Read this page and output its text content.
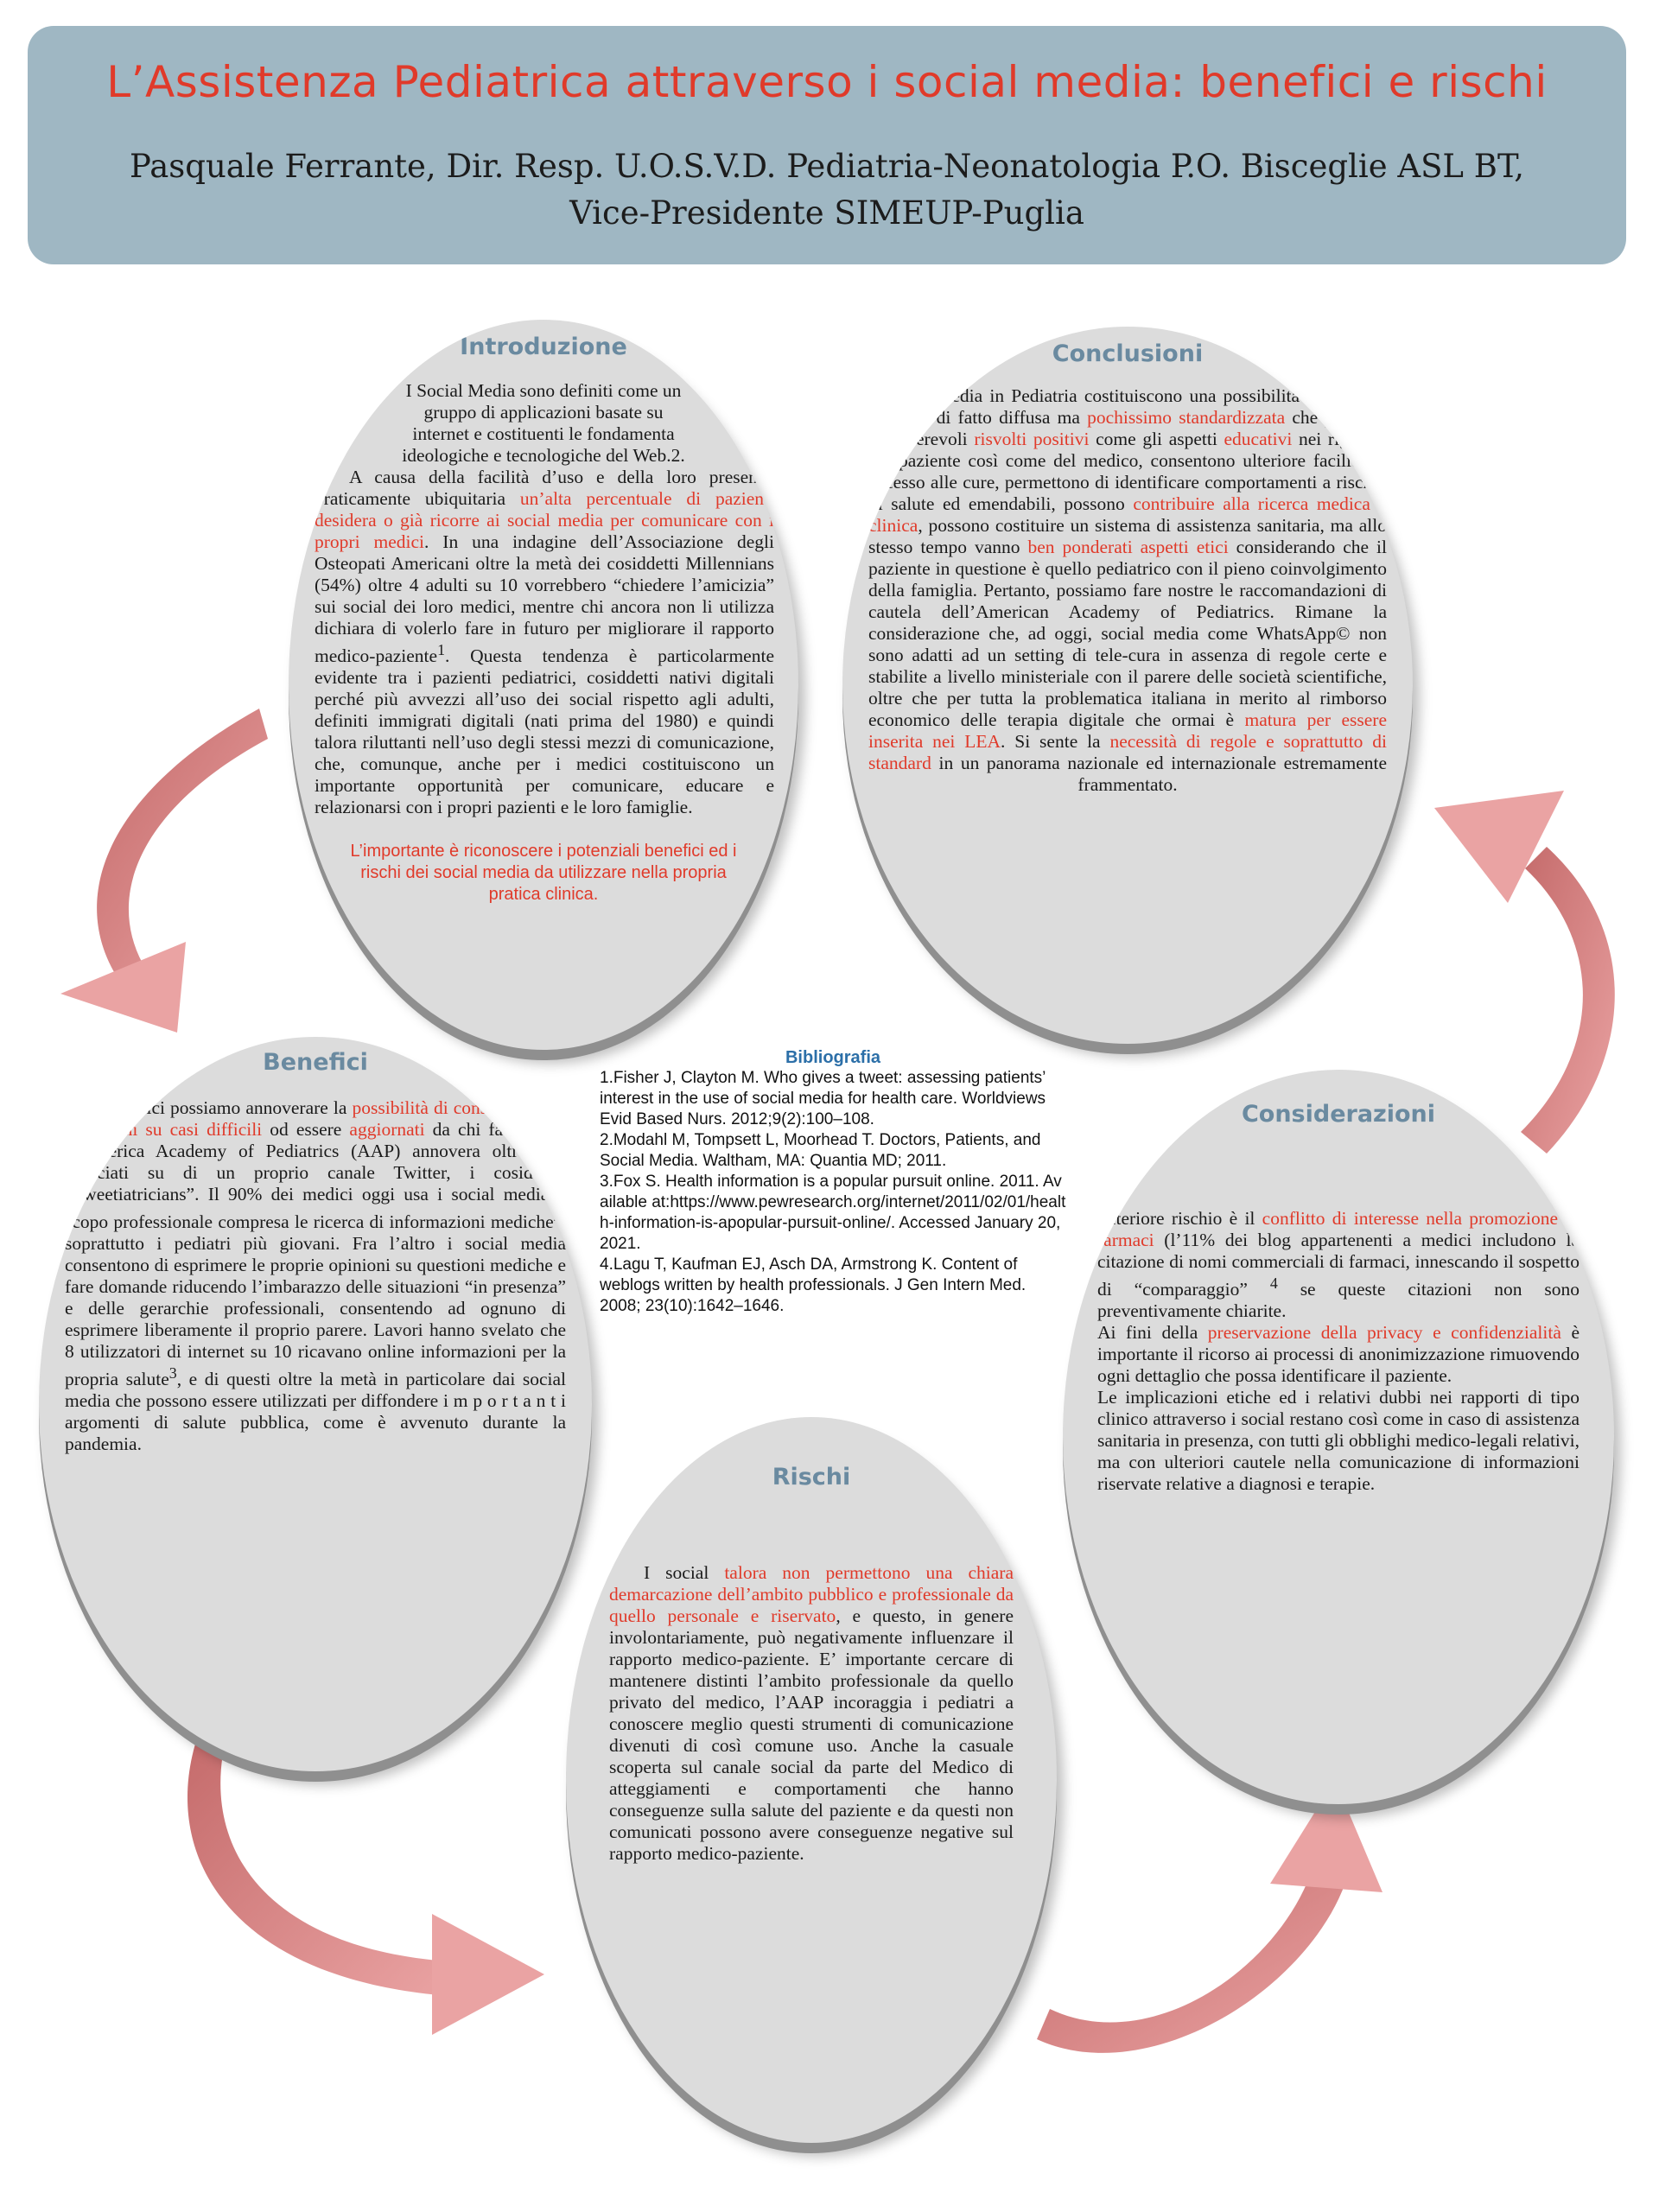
L’Assistenza Pediatrica attraverso i social media: benefici e rischi
Pasquale Ferrante, Dir. Resp. U.O.S.V.D. Pediatria-Neonatologia P.O. Bisceglie ASL BT,
Vice-Presidente SIMEUP-Puglia
Introduzione

I Social Media sono definiti come un gruppo di applicazioni basate su internet e costituenti le fondamenta ideologiche e tecnologiche del Web.2.

A causa della facilità d’uso e della loro presenza praticamente ubiquitaria un’alta percentuale di pazienti desidera o già ricorre ai social media per comunicare con i propri medici. In una indagine dell’Associazione degli Osteopati Americani oltre la metà dei cosiddetti Millennians (54%) oltre 4 adulti su 10 vorrebbero “chiedere l’amicizia” sui social dei loro medici, mentre chi ancora non li utilizza dichiara di volerlo fare in futuro per migliorare il rapporto medico-paziente$^1$. Questa tendenza è particolarmente evidente tra i pazienti pediatrici, cosiddetti nativi digitali perché più avvezzi all’uso dei social rispetto agli adulti, definiti immigrati digitali (nati prima del 1980) e quindi talora riluttanti nell’uso degli stessi mezzi di comunicazione, che, comunque, anche per i medici costituiscono un importante opportunità per comunicare, educare e relazionarsi con i propri pazienti e le loro famiglie.

L’importante è riconoscere i potenziali benefici ed i rischi dei social media da utilizzare nella propria pratica clinica.

Conclusioni

I Social Media in Pediatria costituiscono una possibilità di sanità a distanza di fatto diffusa ma pochissimo standardizzata che presenta innumerevoli risvolti positivi come gli aspetti educativi nei riguardi del paziente così come del medico, consentono ulteriore facilità di accesso alle cure, permettono di identificare comportamenti a rischio di salute ed emendabili, possono contribuire alla ricerca medica e clinica, possono costituire un sistema di assistenza sanitaria, ma allo stesso tempo vanno ben ponderati aspetti etici considerando che il paziente in questione è quello pediatrico con il pieno coinvolgimento della famiglia. Pertanto, possiamo fare nostre le raccomandazioni di cautela dell’American Academy of Pediatrics. Rimane la considerazione che, ad oggi, social media come WhatsApp© non sono adatti ad un setting di tele-cura in assenza di regole certe e stabilite a livello ministeriale con il parere delle società scientifiche, oltre che per tutta la problematica italiana in merito al rimborso economico delle terapia digitale che ormai è matura per essere inserita nei LEA. Si sente la necessità di regole e soprattutto di standard in un panorama nazionale ed internazionale estremamente frammentato.

Benefici

Fra i benefici possiamo annoverare la possibilità di consultarsi con i colleghi su casi difficili od essere aggiornati da chi fa ricerca. L’America Academy of Pediatrics (AAP) annovera oltre 700 associati su di un proprio canale Twitter, i cosiddetti “Tweetiatricians”. Il 90% dei medici oggi usa i social media a scopo professionale compresa le ricerca di informazioni mediche$^2$, soprattutto i pediatri più giovani. Fra l’altro i social media consentono di esprimere le proprie opinioni su questioni mediche e fare domande riducendo l’imbarazzo delle situazioni “in presenza” e delle gerarchie professionali, consentendo ad ognuno di esprimere liberamente il proprio parere. Lavori hanno svelato che 8 utilizzatori di internet su 10 ricavano online informazioni per la propria salute$^3$, e di questi oltre la metà in particolare dai social media che possono essere utilizzati per diffondere i m p o r t a n t i argomenti di salute pubblica, come è avvenuto durante la pandemia.

Bibliografia

1.Fisher J, Clayton M. Who gives a tweet: assessing patients’ interest in the use of social media for health care. Worldviews Evid Based Nurs. 2012;9(2):100–108.

2.Modahl M, Tompsett L, Moorhead T. Doctors, Patients, and Social Media. Waltham, MA: Quantia MD; 2011.

3.Fox S. Health information is a popular pursuit online. 2011. Available at:https://www.pewresearch.org/internet/2011/02/01/health-information-is-apopular-pursuit-online/. Accessed January 20, 2021.

4.Lagu T, Kaufman EJ, Asch DA, Armstrong K. Content of weblogs written by health professionals. J Gen Intern Med. 2008; 23(10):1642–1646.

Considerazioni

Ulteriore rischio è il conflitto di interesse nella promozione di farmaci (l’11% dei blog appartenenti a medici includono la citazione di nomi commerciali di farmaci, innescando il sospetto di “comparaggio” $^4$ se queste citazioni non sono preventivamente chiarite.

Ai fini della preservazione della privacy e confidenzialità è importante il ricorso ai processi di anonimizzazione rimuovendo ogni dettaglio che possa identificare il paziente.

Le implicazioni etiche ed i relativi dubbi nei rapporti di tipo clinico attraverso i social restano così come in caso di assistenza sanitaria in presenza, con tutti gli obblighi medico-legali relativi, ma con ulteriori cautele nella comunicazione di informazioni riservate relative a diagnosi e terapie.

Rischi

I social talora non permettono una chiara demarcazione dell’ambito pubblico e professionale da quello personale e riservato, e questo, in genere involontariamente, può negativamente influenzare il rapporto medico-paziente. E’ importante cercare di mantenere distinti l’ambito professionale da quello privato del medico, l’AAP incoraggia i pediatri a conoscere meglio questi strumenti di comunicazione divenuti di così comune uso. Anche la casuale scoperta sul canale social da parte del Medico di atteggiamenti e comportamenti che hanno conseguenze sulla salute del paziente e da questi non comunicati possono avere conseguenze negative sul rapporto medico-paziente.
